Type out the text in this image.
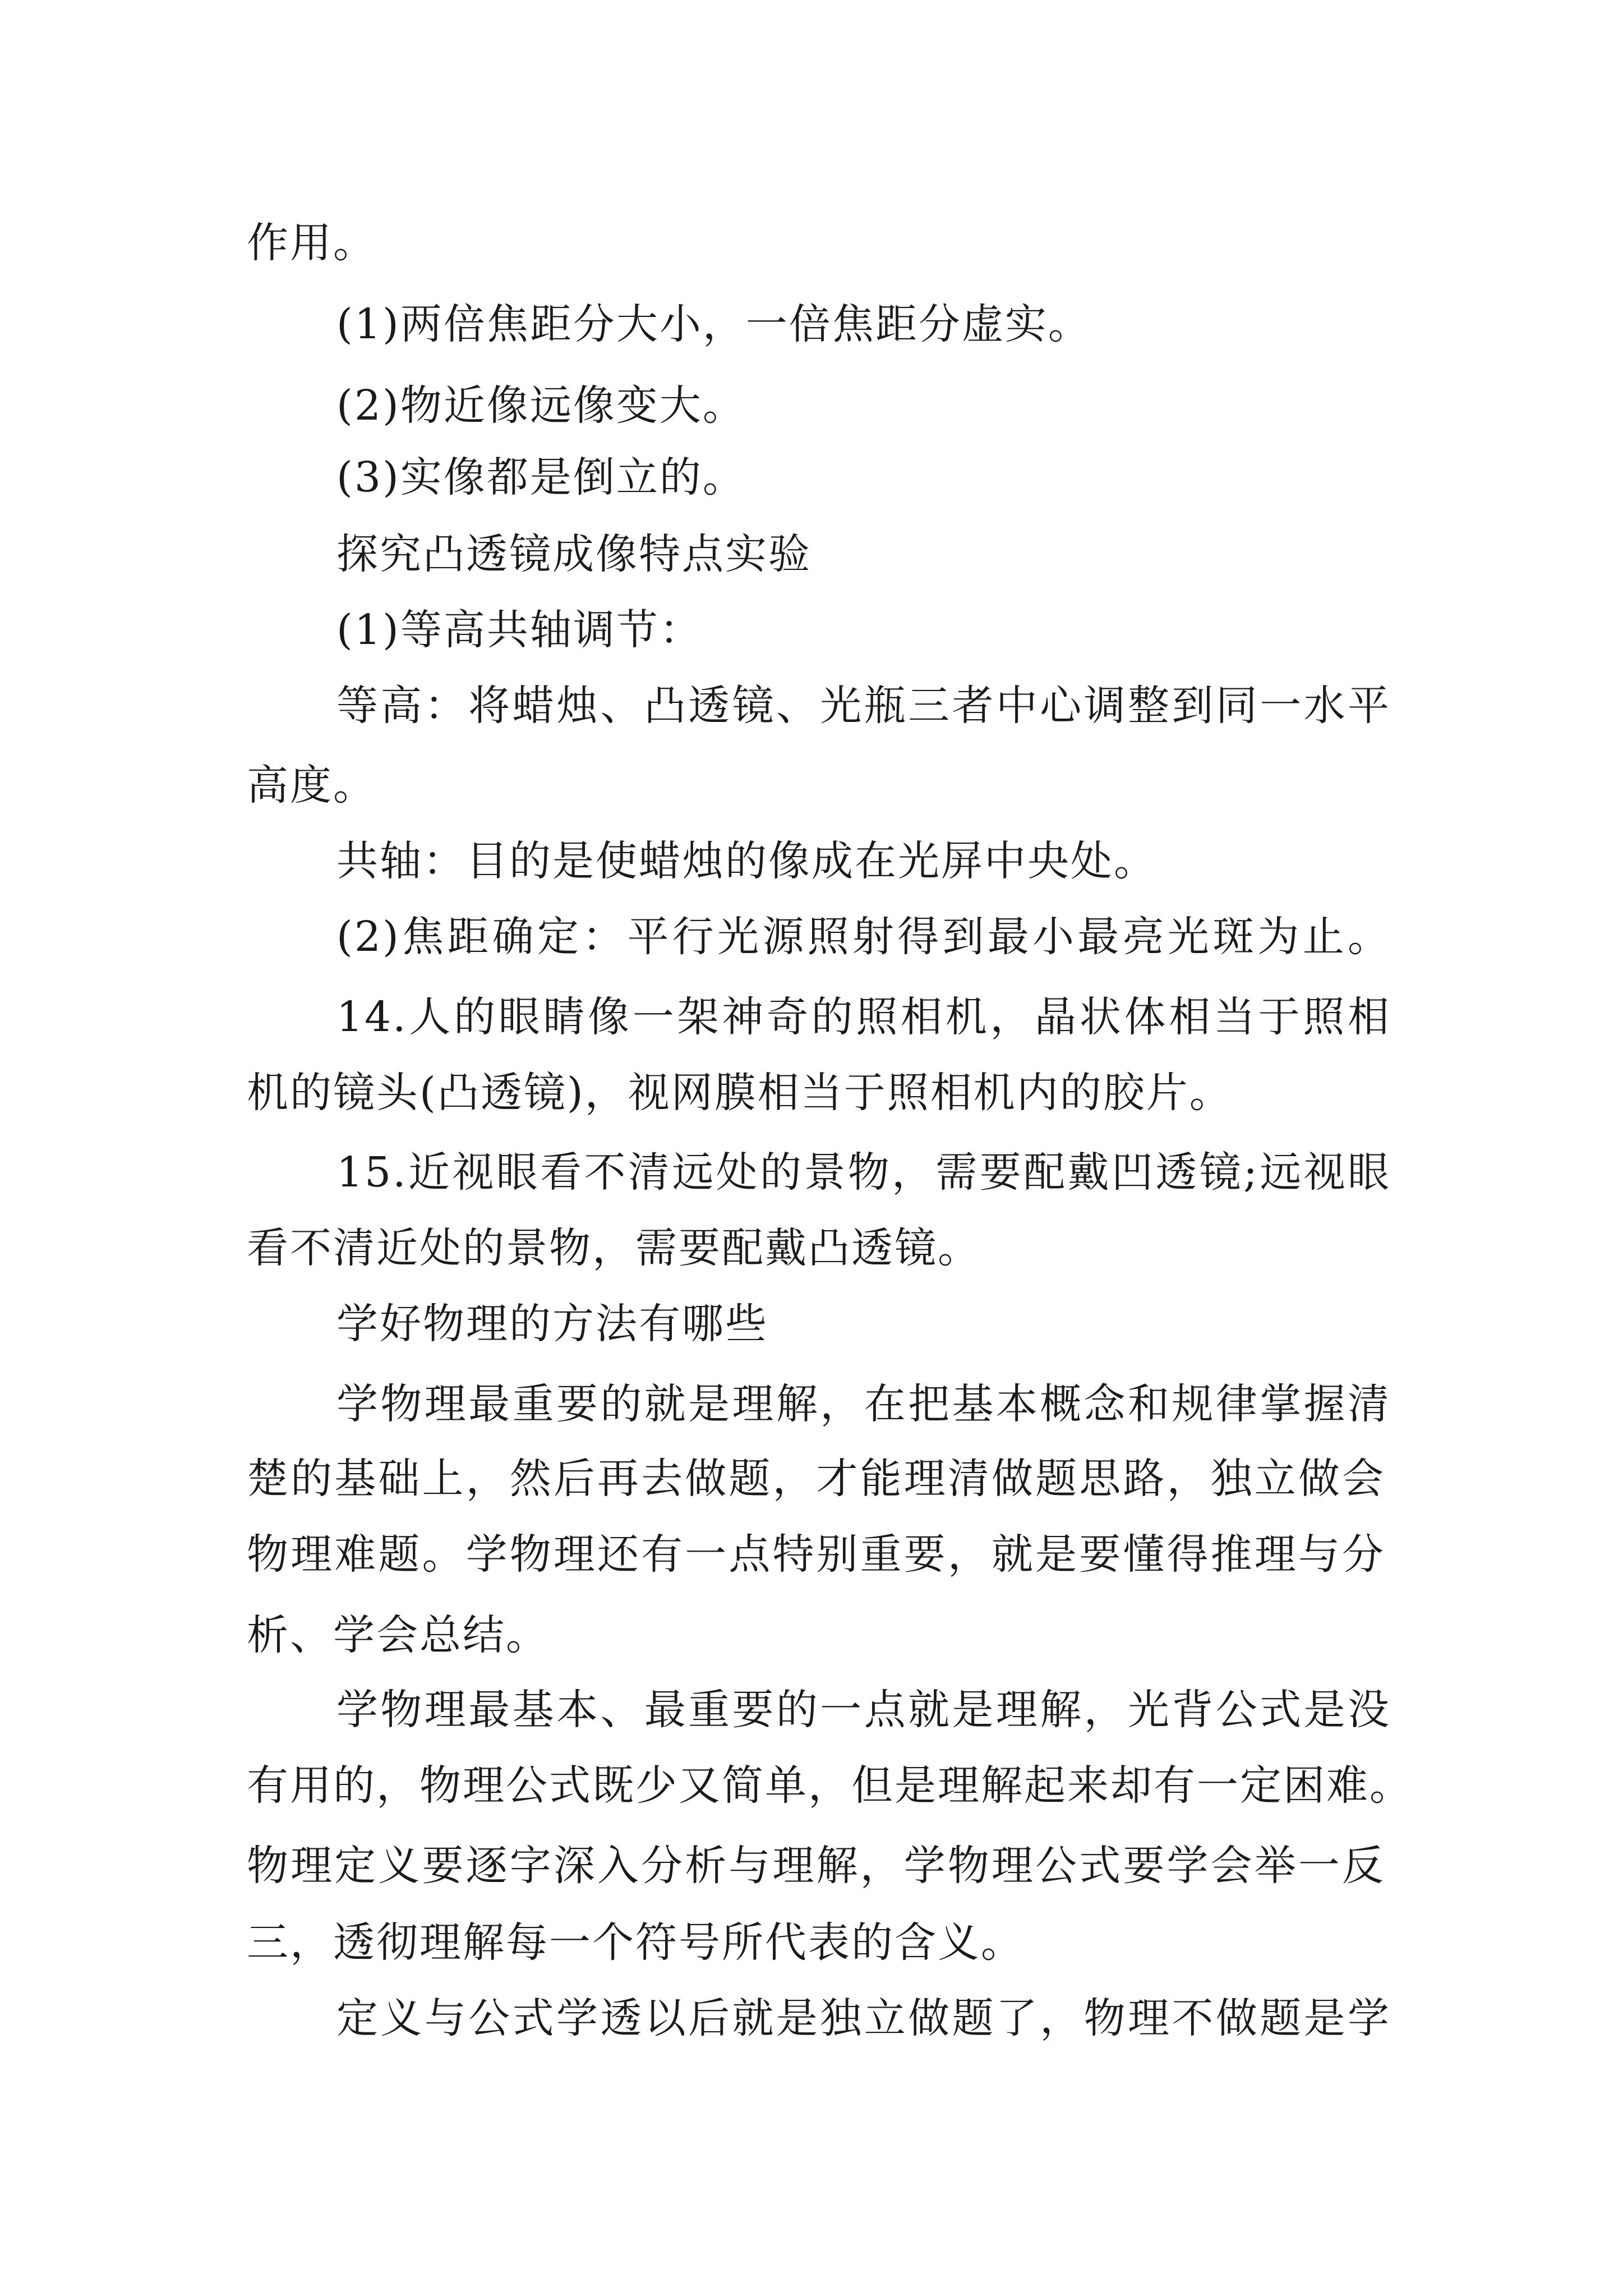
作用。
(1)两倍焦距分大小，一倍焦距分虚实。
(2)物近像远像变大。
(3)实像都是倒立的。
探究凸透镜成像特点实验
(1)等高共轴调节：
等高：将蜡烛、凸透镜、光瓶三者中心调整到同一水平
高度。
共轴：目的是使蜡烛的像成在光屏中央处。
(2)焦距确定：平行光源照射得到最小最亮光斑为止。
14.人的眼睛像一架神奇的照相机，晶状体相当于照相
机的镜头(凸透镜)，视网膜相当于照相机内的胶片。
15.近视眼看不清远处的景物，需要配戴凹透镜;远视眼
看不清近处的景物，需要配戴凸透镜。
学好物理的方法有哪些
学物理最重要的就是理解，在把基本概念和规律掌握清
楚的基础上，然后再去做题，才能理清做题思路，独立做会
物理难题。学物理还有一点特别重要，就是要懂得推理与分
析、学会总结。
学物理最基本、最重要的一点就是理解，光背公式是没
有用的，物理公式既少又简单，但是理解起来却有一定困难。
物理定义要逐字深入分析与理解，学物理公式要学会举一反
三，透彻理解每一个符号所代表的含义。
定义与公式学透以后就是独立做题了，物理不做题是学
